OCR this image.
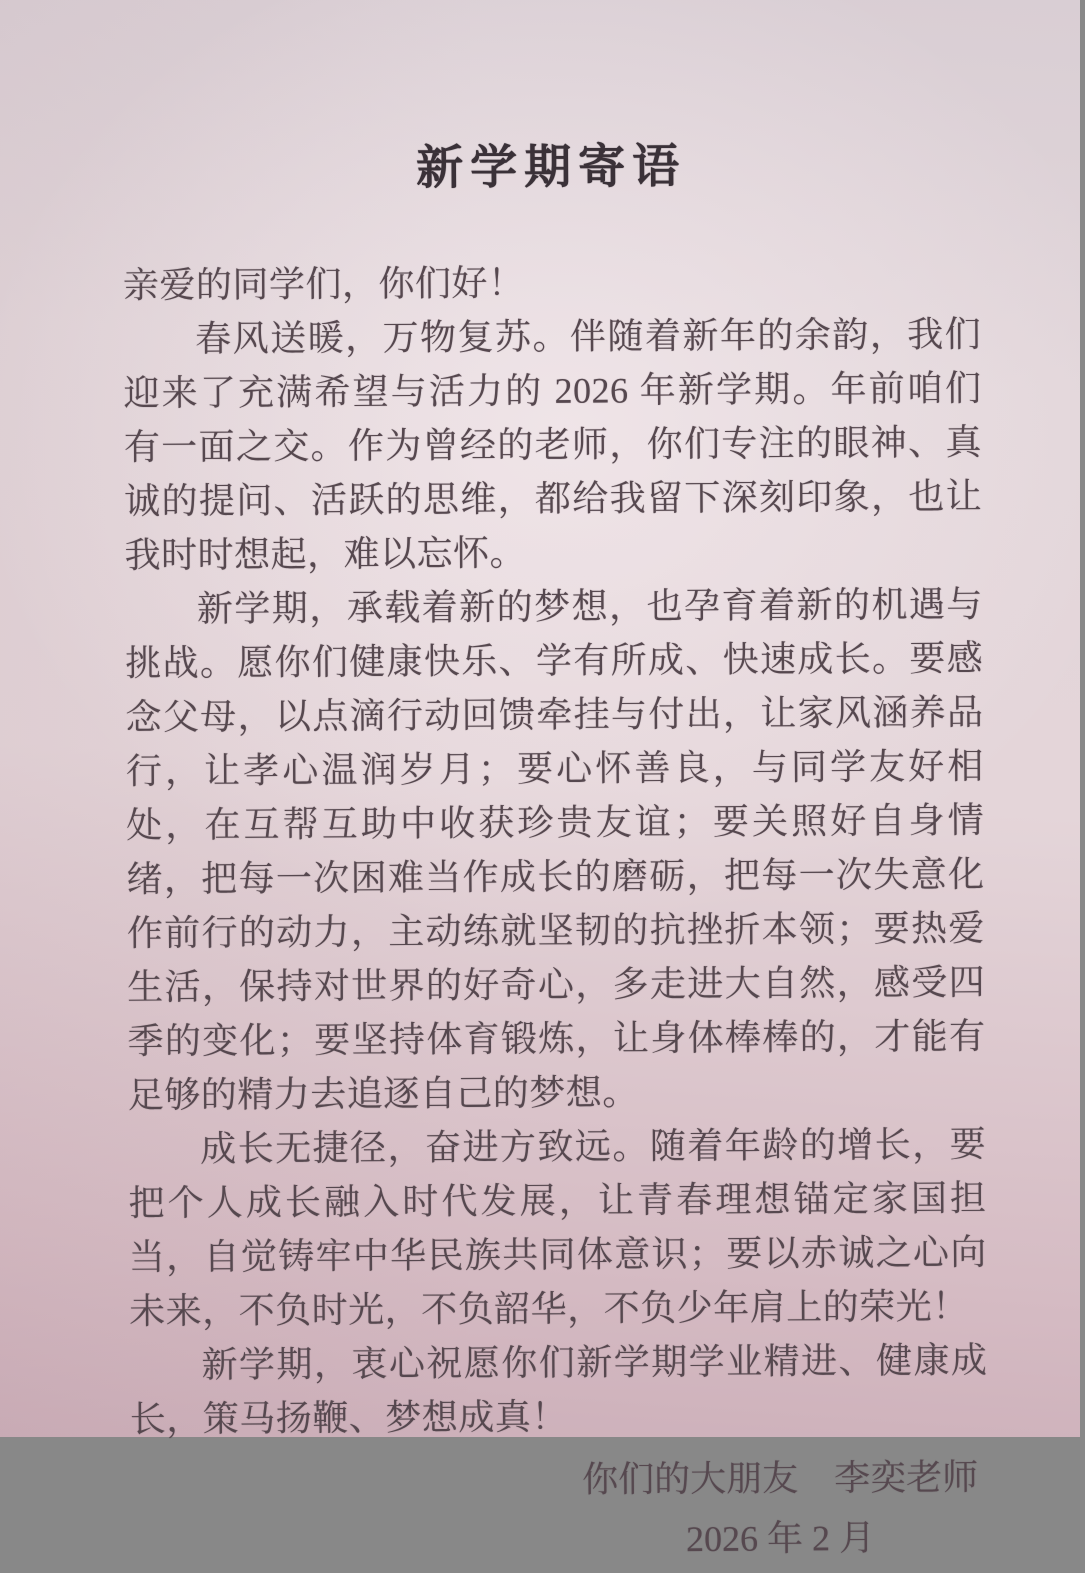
新学期寄语

亲爱的同学们，你们好！

春风送暖，万物复苏。伴随着新年的余韵，我们迎来了充满希望与活力的 2026 年新学期。年前咱们有一面之交。作为曾经的老师，你们专注的眼神、真诚的提问、活跃的思维，都给我留下深刻印象，也让我时时想起，难以忘怀。

新学期，承载着新的梦想，也孕育着新的机遇与挑战。愿你们健康快乐、学有所成、快速成长。要感念父母，以点滴行动回馈牵挂与付出，让家风涵养品行，让孝心温润岁月；要心怀善良，与同学友好相处，在互帮互助中收获珍贵友谊；要关照好自身情绪，把每一次困难当作成长的磨砺，把每一次失意化作前行的动力，主动练就坚韧的抗挫折本领；要热爱生活，保持对世界的好奇心，多走进大自然，感受四季的变化；要坚持体育锻炼，让身体棒棒的，才能有足够的精力去追逐自己的梦想。

成长无捷径，奋进方致远。随着年龄的增长，要把个人成长融入时代发展，让青春理想锚定家国担当，自觉铸牢中华民族共同体意识；要以赤诚之心向未来，不负时光，不负韶华，不负少年肩上的荣光！

新学期，衷心祝愿你们新学期学业精进、健康成长，策马扬鞭、梦想成真！

你们的大朋友　李奕老师
2026 年 2 月
